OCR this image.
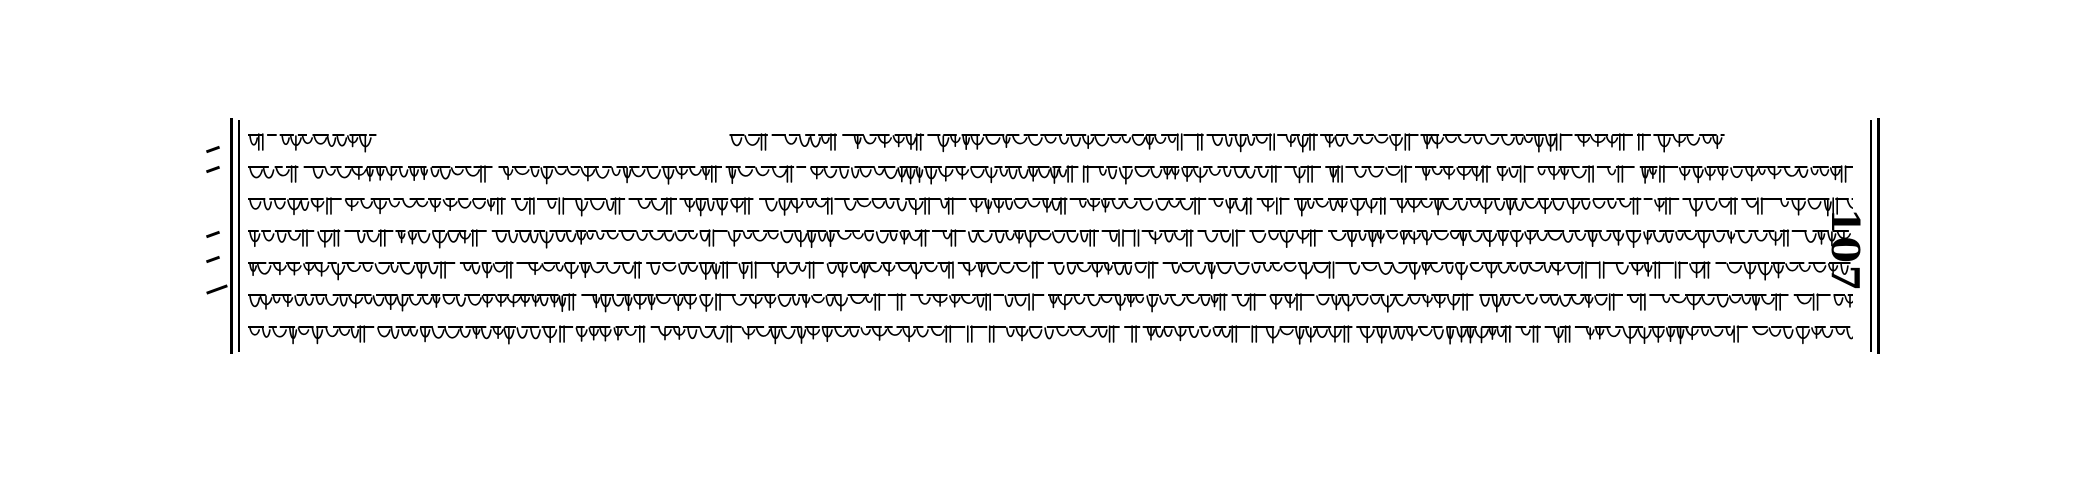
107
